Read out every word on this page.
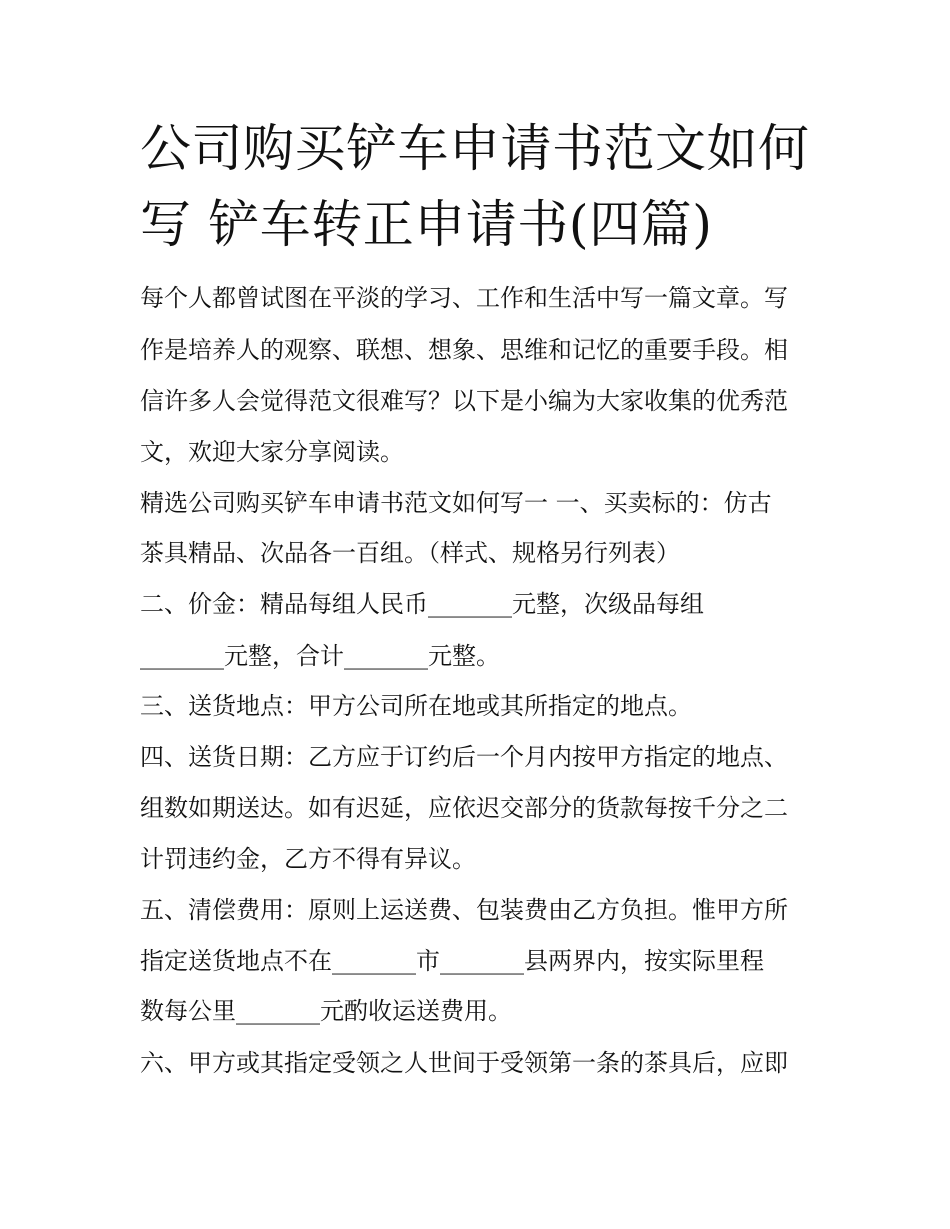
公司购买铲车申请书范文如何
写 铲车转正申请书(四篇)
每个人都曾试图在平淡的学习、工作和生活中写一篇文章。写
作是培养人的观察、联想、想象、思维和记忆的重要手段。相
信许多人会觉得范文很难写？以下是小编为大家收集的优秀范
文，欢迎大家分享阅读。
精选公司购买铲车申请书范文如何写一 一、买卖标的：仿古
茶具精品、次品各一百组。（样式、规格另行列表）
二、价金：精品每组人民币_______元整，次级品每组
_______元整，合计_______元整。
三、送货地点：甲方公司所在地或其所指定的地点。
四、送货日期：乙方应于订约后一个月内按甲方指定的地点、
组数如期送达。如有迟延，应依迟交部分的货款每按千分之二
计罚违约金，乙方不得有异议。
五、清偿费用：原则上运送费、包装费由乙方负担。惟甲方所
指定送货地点不在_______市_______县两界内，按实际里程
数每公里_______元酌收运送费用。
六、甲方或其指定受领之人世间于受领第一条的茶具后，应即
